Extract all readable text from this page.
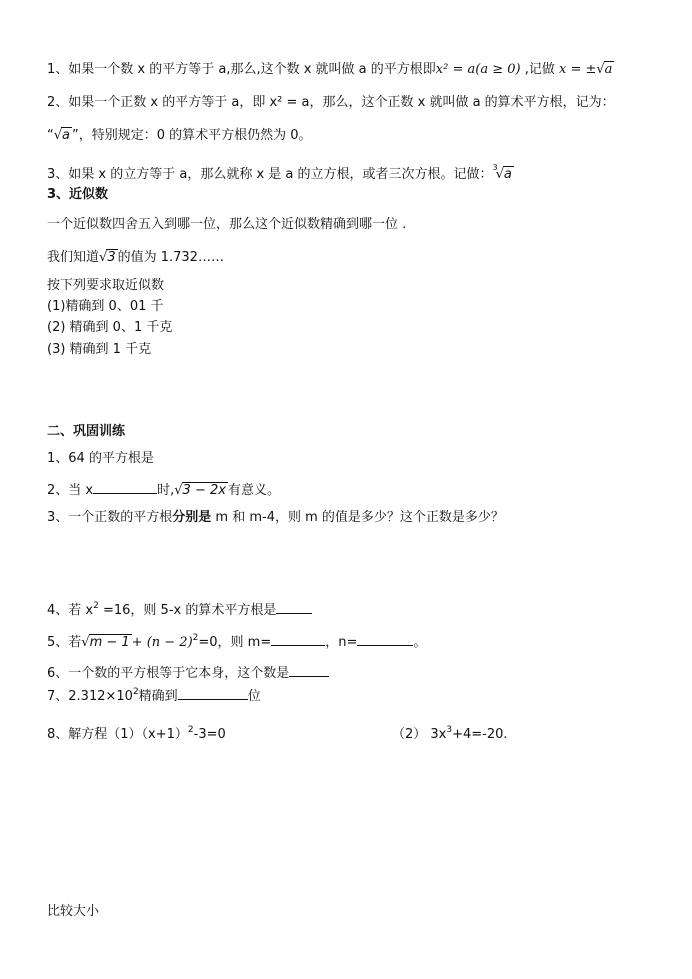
1、如果一个数 x 的平方等于 a,那么,这个数 x 就叫做 a 的平方根即x² = a(a ≥ 0) ,记做 x = ±√a
2、如果一个正数 x 的平方等于 a，即 x² = a，那么，这个正数 x 就叫做 a 的算术平方根，记为：
“√a ”，特别规定：0 的算术平方根仍然为 0。
3、如果 x 的立方等于 a，那么就称 x 是 a 的立方根，或者三次方根。记做：$^3$√a
3、近似数
一个近似数四舍五入到哪一位，那么这个近似数精确到哪一位 .
我们知道√3 的值为 1.732……
按下列要求取近似数
(1)精确到 0、01 千
(2) 精确到 0、1 千克
(3) 精确到 1 千克
二、巩固训练
1、64 的平方根是
2、当 x	时,√3 − 2x 有意义。
3、一个正数的平方根分别是 m 和 m-4，则 m 的值是多少？这个正数是多少？
4、若 $x^2 =16$，则 5-x 的算术平方根是
5、若$√m - 1 + (n - 2)^2=0$，则 m=	，n=	。
6、一个数的平方根等于它本身，这个数是
7、$2.312\times 10^2$精确到	位
8、解方程$(1)(x+1)^2-3=0$	（2） $3x^3+4=-20$.
比较大小
